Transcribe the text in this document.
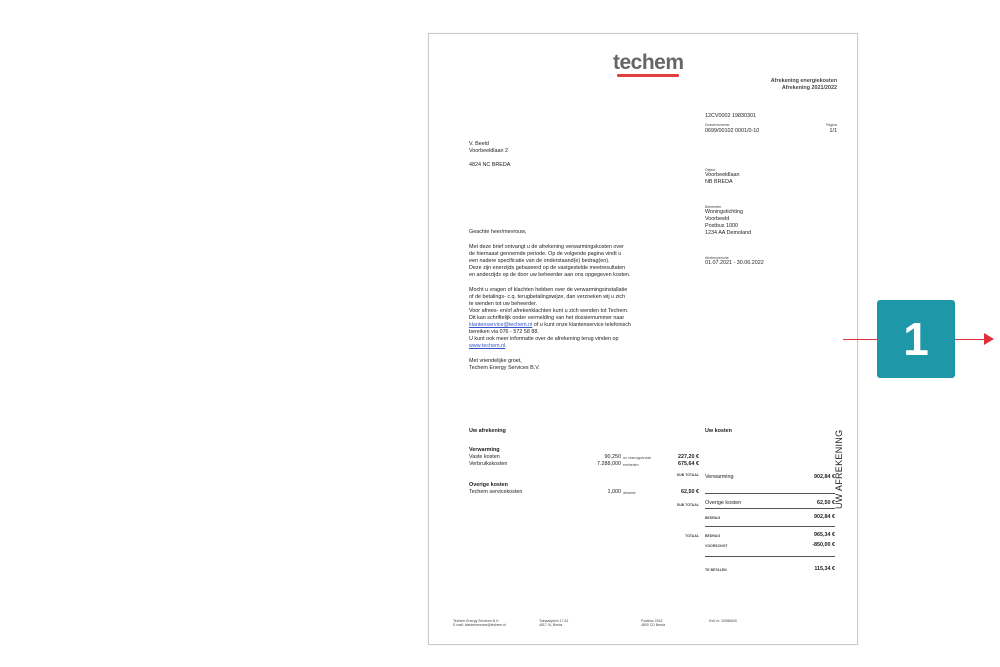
techem
Afrekening energiekosten
Afrekening 2021/2022
12CV0002 19830301
Dossiernummer
0699/00102 0001/0-10
Pagina
1/1
V. Beeld
Voorbeeldlaan 2
4824 NC BREDA
Object
Voorbeeldlaan
NB BREDA
Beheerder
Woningstichting
Voorbeeld
Postbus 1000
1234 AA Demoland
Afrekenperiode
01.07.2021 - 30.06.2022
Geachte heer/mevrouw,
Met deze brief ontvangt u de afrekening verwarmingskosten over
de hiernaast genoemde periode. Op de volgende pagina vindt u
een nadere specificatie van de onderstaand(e) bedrag(en).
Deze zijn enerzijds gebaseerd op de vastgestelde meetresultaten
en anderzijds op de door uw beheerder aan ons opgegeven kosten.
Mocht u vragen of klachten hebben over de verwarmingsinstallatie
of de betalings- c.q. terugbetalingswijze, dan verzoeken wij u zich
te wenden tot uw beheerder.
Voor afrees- en/of afrekenklachten kunt u zich wenden tot Techem.
Dit kan schriftelijk onder vermelding van het dossiernummer naar
klantenservice@techem.nl of u kunt onze klantenservice telefonisch
bereiken via 076 - 572 58 88.
U kunt ook meer informatie over de afrekening terug vinden op
www.techem.nl.
Met vriendelijke groet,
Techem Energy Services B.V.
Uw afrekening
Verwarming
Vaste kosten	90,250 m² vloeroppervlak	227,20 €
Verbruikskosten	7.288,000 eenheden	675,64 €
SUB TOTAAL
Overige kosten
Techem servicekosten	1,000 afnamer	62,50 €
SUB TOTAAL
Uw kosten
Verwarming	902,84 €
Overige kosten	62,50 €
BEDRAG	902,84 €
TOTAAL BEDRAG	965,34 €
VOORSCHOT	-850,00 €
TE BETALEN	115,34 €
UW AFREKENING
Techem Energy Services B.V.
E-mail: klantenservice@techem.nl
Tolnaabplein 17 A1
4817 XL Breda
Postbus 2162
4800 CD Breda
KvK nr. 20086640
1
